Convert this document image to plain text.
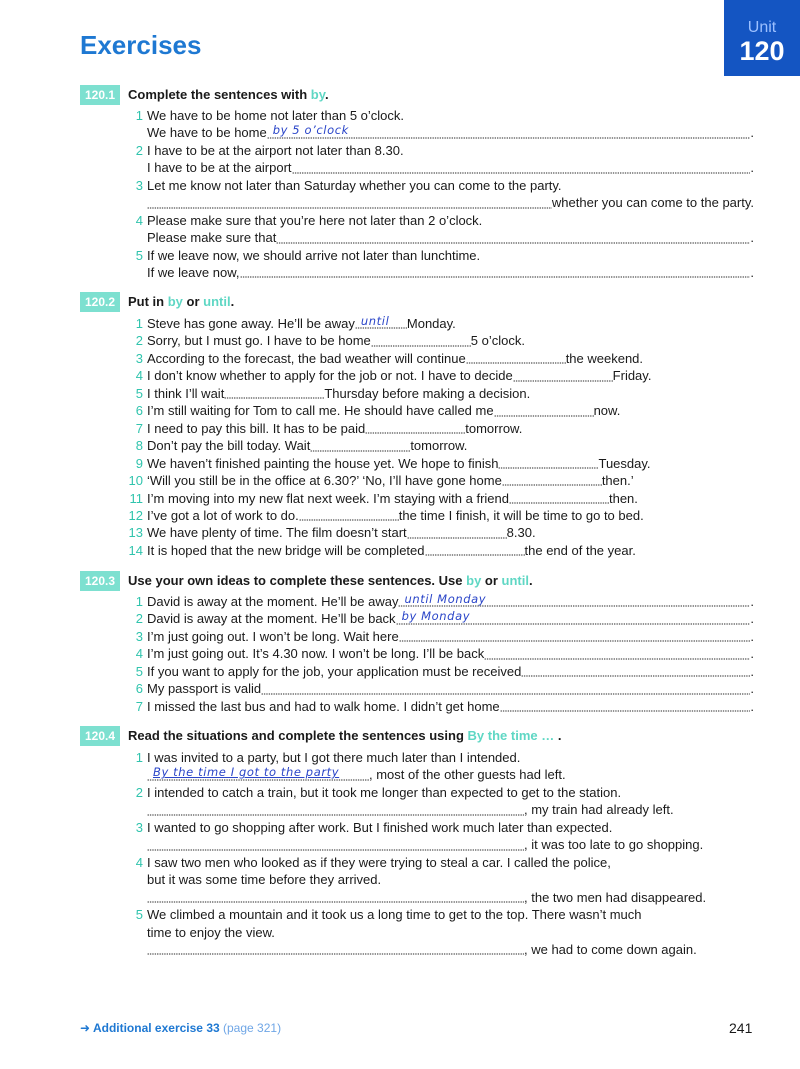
Exercises
Unit
120
120.1 Complete the sentences with by.
1 We have to be home not later than 5 o’clock.
We have to be home by 5 o’clock	.
2 I have to be at the airport not later than 8.30.
I have to be at the airport	.
3 Let me know not later than Saturday whether you can come to the party.
whether you can come to the party.
4 Please make sure that you’re here not later than 2 o’clock.
Please make sure that	.
5 If we leave now, we should arrive not later than lunchtime.
If we leave now,	.
120.2 Put in by or until.
1 Steve has gone away. He’ll be away until Monday.
2 Sorry, but I must go. I have to be home	5 o’clock.
3 According to the forecast, the bad weather will continue	the weekend.
4 I don’t know whether to apply for the job or not. I have to decide	Friday.
5 I think I’ll wait	Thursday before making a decision.
6 I’m still waiting for Tom to call me. He should have called me	now.
7 I need to pay this bill. It has to be paid	tomorrow.
8 Don’t pay the bill today. Wait	tomorrow.
9 We haven’t finished painting the house yet. We hope to finish	Tuesday.
10 ‘Will you still be in the office at 6.30?’ ‘No, I’ll have gone home	then.’
11 I’m moving into my new flat next week. I’m staying with a friend	then.
12 I’ve got a lot of work to do.	the time I finish, it will be time to go to bed.
13 We have plenty of time. The film doesn’t start	8.30.
14 It is hoped that the new bridge will be completed	the end of the year.
120.3 Use your own ideas to complete these sentences. Use by or until.
1 David is away at the moment. He’ll be away until Monday	.
2 David is away at the moment. He’ll be back by Monday	.
3 I’m just going out. I won’t be long. Wait here	.
4 I’m just going out. It’s 4.30 now. I won’t be long. I’ll be back	.
5 If you want to apply for the job, your application must be received	.
6 My passport is valid	.
7 I missed the last bus and had to walk home. I didn’t get home	.
120.4 Read the situations and complete the sentences using By the time … .
1 I was invited to a party, but I got there much later than I intended.
By the time I got to the party , most of the other guests had left.
2 I intended to catch a train, but it took me longer than expected to get to the station.
, my train had already left.
3 I wanted to go shopping after work. But I finished work much later than expected.
, it was too late to go shopping.
4 I saw two men who looked as if they were trying to steal a car. I called the police,
but it was some time before they arrived.
, the two men had disappeared.
5 We climbed a mountain and it took us a long time to get to the top. There wasn’t much
time to enjoy the view.
, we had to come down again.
➜ Additional exercise 33 (page 321)	241
